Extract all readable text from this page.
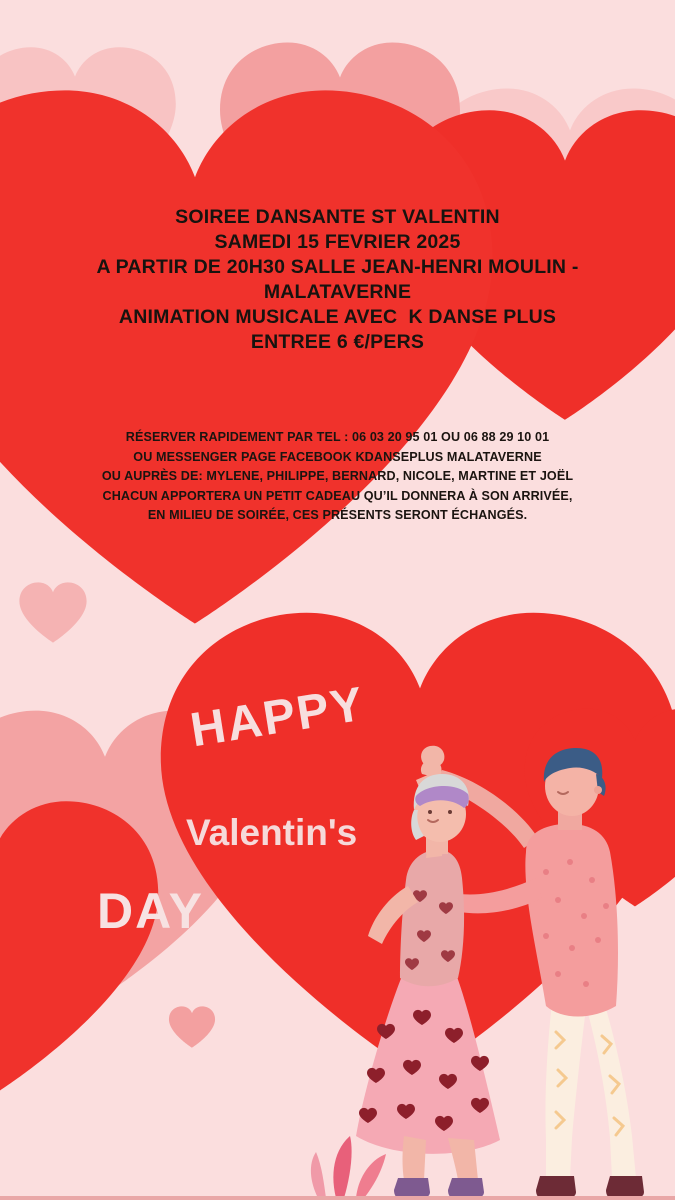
SOIREE DANSANTE ST VALENTIN
SAMEDI 15 FEVRIER 2025
A PARTIR DE 20H30 SALLE JEAN-HENRI MOULIN -
MALATAVERNE
ANIMATION MUSICALE AVEC  K DANSE PLUS
ENTREE 6 €/PERS
RÉSERVER RAPIDEMENT PAR TEL : 06 03 20 95 01 OU 06 88 29 10 01
OU MESSENGER PAGE FACEBOOK KDANSEPLUS MALATAVERNE
OU AUPRÈS DE: MYLENE, PHILIPPE, BERNARD, NICOLE, MARTINE ET JOËL
CHACUN APPORTERA UN PETIT CADEAU QU’IL DONNERA À SON ARRIVÉE,
EN MILIEU DE SOIRÉE, CES PRÉSENTS SERONT ÉCHANGÉS.
HAPPY
Valentin's
DAY
